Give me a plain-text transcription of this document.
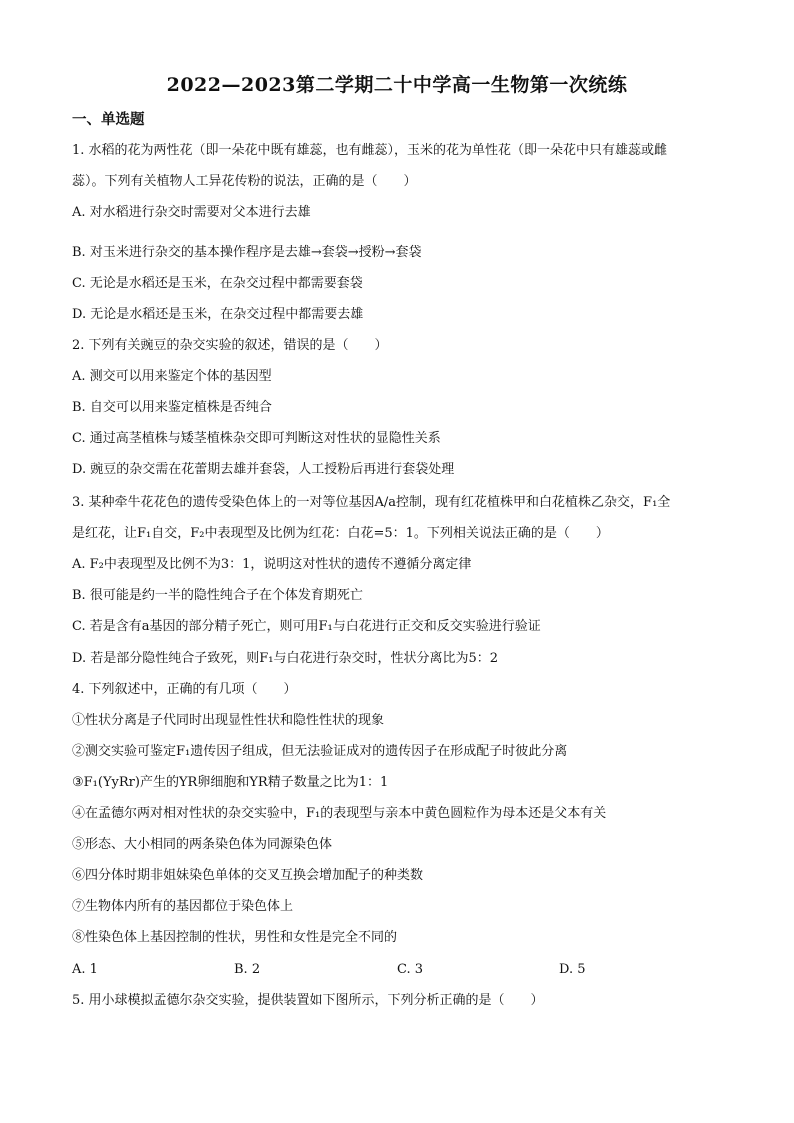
2022—2023第二学期二十中学高一生物第一次统练
一、单选题
1. 水稻的花为两性花（即一朵花中既有雄蕊，也有雌蕊），玉米的花为单性花（即一朵花中只有雄蕊或雌
蕊）。下列有关植物人工异花传粉的说法，正确的是（　　）
A. 对水稻进行杂交时需要对父本进行去雄
B. 对玉米进行杂交的基本操作程序是去雄→套袋→授粉→套袋
C. 无论是水稻还是玉米，在杂交过程中都需要套袋
D. 无论是水稻还是玉米，在杂交过程中都需要去雄
2. 下列有关豌豆的杂交实验的叙述，错误的是（　　）
A. 测交可以用来鉴定个体的基因型
B. 自交可以用来鉴定植株是否纯合
C. 通过高茎植株与矮茎植株杂交即可判断这对性状的显隐性关系
D. 豌豆的杂交需在花蕾期去雄并套袋，人工授粉后再进行套袋处理
3. 某种牵牛花花色的遗传受染色体上的一对等位基因A/a控制，现有红花植株甲和白花植株乙杂交，F₁全
是红花，让F₁自交，F₂中表现型及比例为红花：白花=5：1。下列相关说法正确的是（　　）
A. F₂中表现型及比例不为3：1，说明这对性状的遗传不遵循分离定律
B. 很可能是约一半的隐性纯合子在个体发育期死亡
C. 若是含有a基因的部分精子死亡，则可用F₁与白花进行正交和反交实验进行验证
D. 若是部分隐性纯合子致死，则F₁与白花进行杂交时，性状分离比为5：2
4. 下列叙述中，正确的有几项（　　）
①性状分离是子代同时出现显性性状和隐性性状的现象
②测交实验可鉴定F₁遗传因子组成，但无法验证成对的遗传因子在形成配子时彼此分离
③F₁(YyRr)产生的YR卵细胞和YR精子数量之比为1：1
④在孟德尔两对相对性状的杂交实验中，F₁的表现型与亲本中黄色圆粒作为母本还是父本有关
⑤形态、大小相同的两条染色体为同源染色体
⑥四分体时期非姐妹染色单体的交叉互换会增加配子的种类数
⑦生物体内所有的基因都位于染色体上
⑧性染色体上基因控制的性状，男性和女性是完全不同的
A. 1	B. 2	C. 3	D. 5
5. 用小球模拟孟德尔杂交实验，提供装置如下图所示，下列分析正确的是（　　）
